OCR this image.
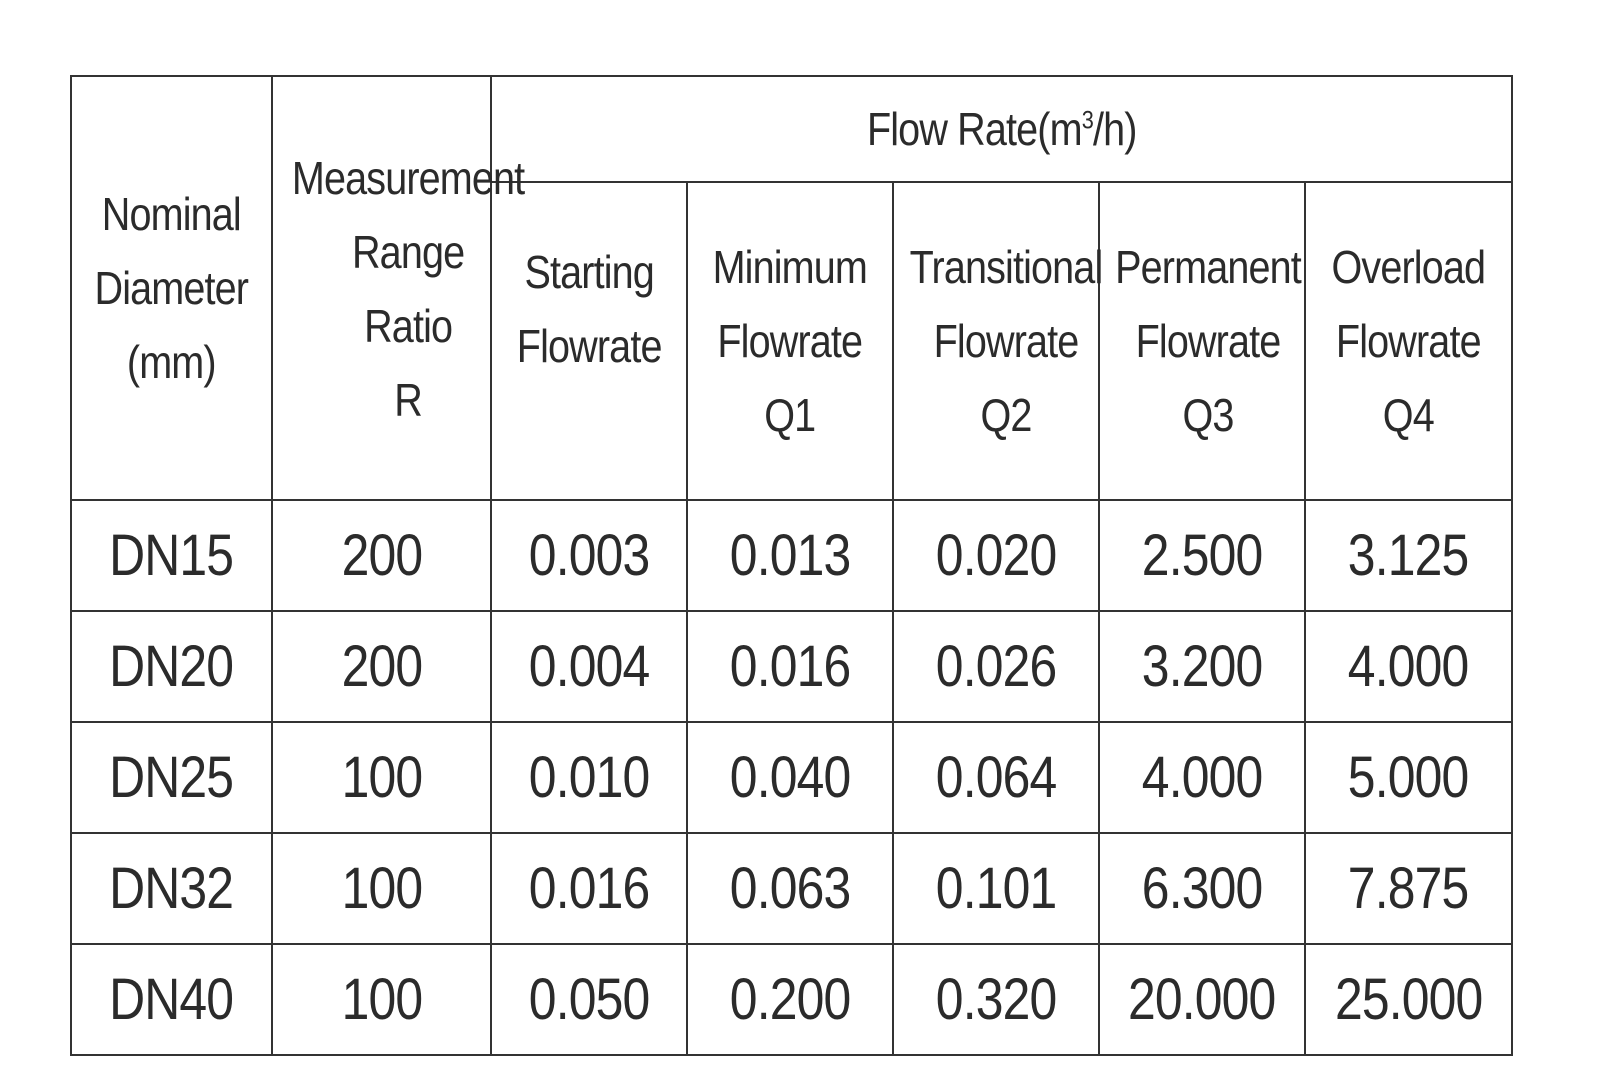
Nominal
Diameter
(mm)	Measurement
Range
Ratio
R	Flow $Rate(m^3/h)$				

		Starting
Flowrate	Minimum
Flowrate
Q1	Transitional
Flowrate
Q2	Permanent
Flowrate
Q3	Overload
Flowrate
Q4

DN15	200	0.003	0.013	0.020	2.500	3.125
DN20	200	0.004	0.016	0.026	3.200	4.000
DN25	100	0.010	0.040	0.064	4.000	5.000
DN32	100	0.016	0.063	0.101	6.300	7.875
DN40	100	0.050	0.200	0.320	20.000	25.000
